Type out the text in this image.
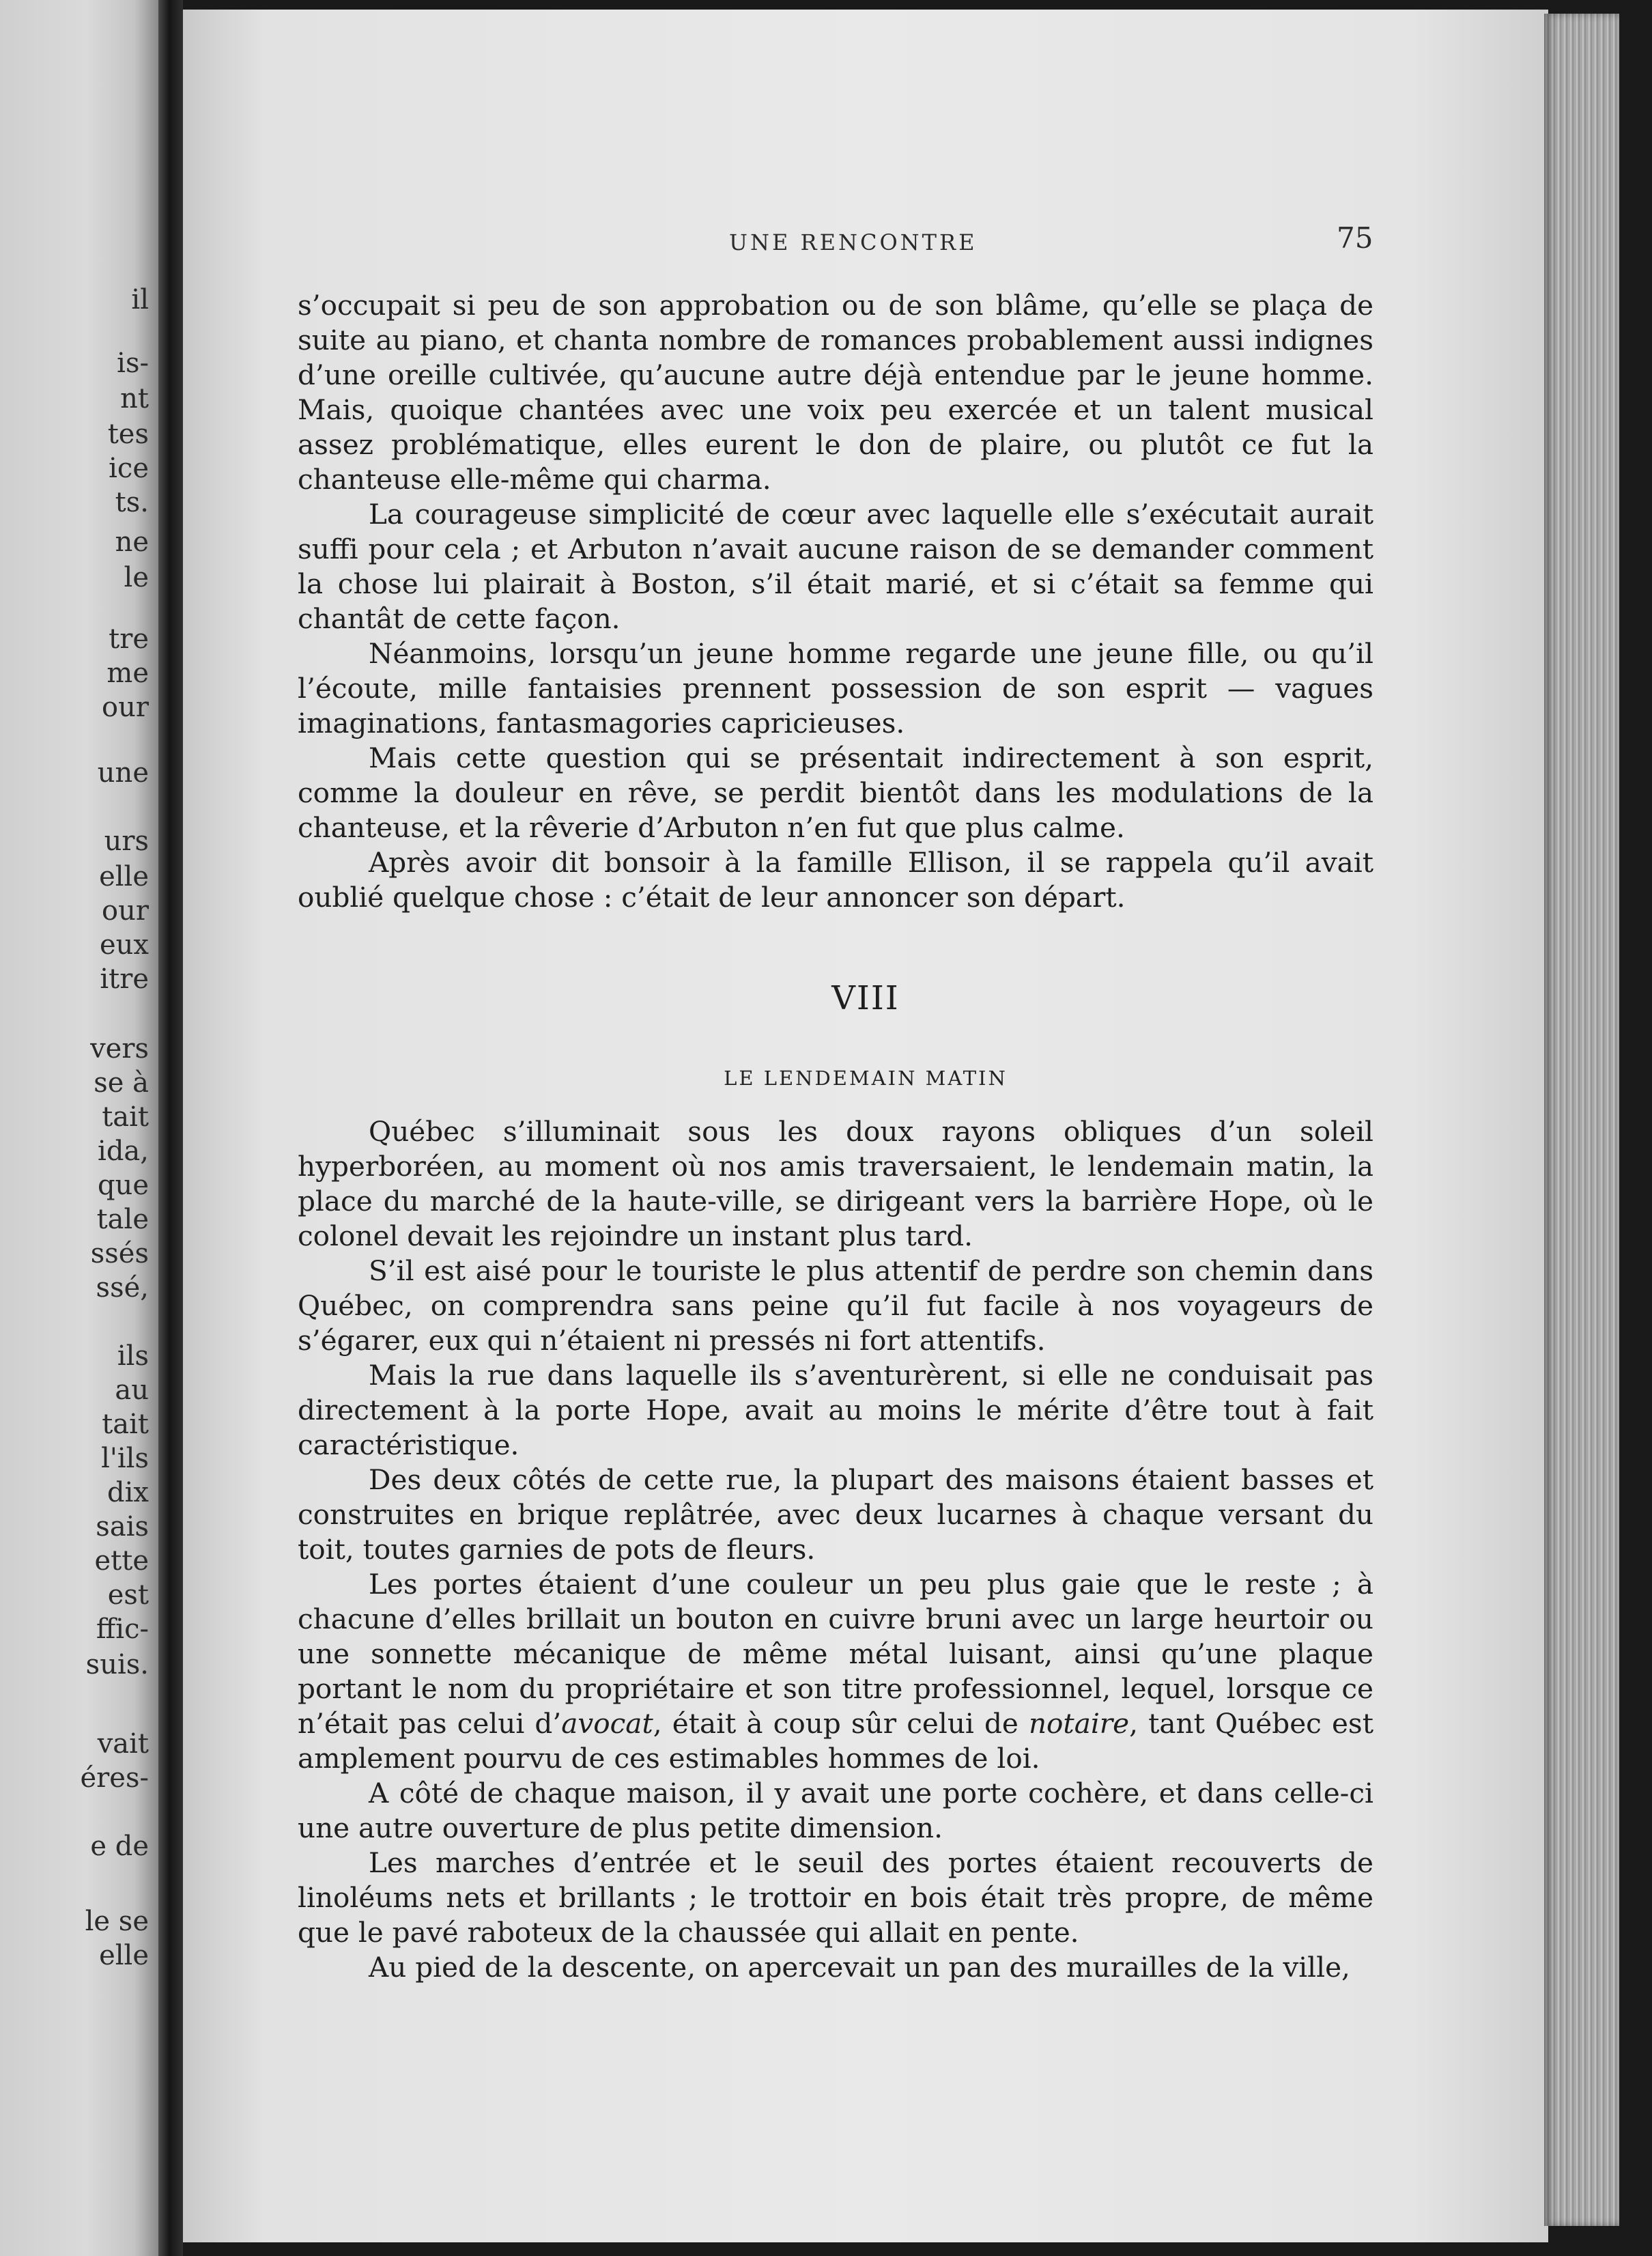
il
is-
nt
tes
ice
ts.
ne
le
tre
me
our
une
urs
elle
our
eux
itre
vers
se à
tait
ida,
que
tale
ssés
ssé,
ils
au
tait
l'ils
dix
sais
ette
est
ffic-
suis.
vait
éres-
e de
le se
elle
UNE RENCONTRE	75

s’occupait si peu de son approbation ou de son blâme, qu’elle se plaça de suite au piano, et chanta nombre de romances probablement aussi indignes d’une oreille cultivée, qu’aucune autre déjà entendue par le jeune homme. Mais, quoique chantées avec une voix peu exercée et un talent musical assez problématique, elles eurent le don de plaire, ou plutôt ce fut la chanteuse elle-même qui charma.

La courageuse simplicité de cœur avec laquelle elle s’exécutait aurait suffi pour cela ; et Arbuton n’avait aucune raison de se demander comment la chose lui plairait à Boston, s’il était marié, et si c’était sa femme qui chantât de cette façon.

Néanmoins, lorsqu’un jeune homme regarde une jeune fille, ou qu’il l’écoute, mille fantaisies prennent possession de son esprit — vagues imaginations, fantasmagories capricieuses.

Mais cette question qui se présentait indirectement à son esprit, comme la douleur en rêve, se perdit bientôt dans les modulations de la chanteuse, et la rêverie d’Arbuton n’en fut que plus calme.

Après avoir dit bonsoir à la famille Ellison, il se rappela qu’il avait oublié quelque chose : c’était de leur annoncer son départ.

VIII
LE LENDEMAIN MATIN

Québec s’illuminait sous les doux rayons obliques d’un soleil hyperboréen, au moment où nos amis traversaient, le lendemain matin, la place du marché de la haute-ville, se dirigeant vers la barrière Hope, où le colonel devait les rejoindre un instant plus tard.

S’il est aisé pour le touriste le plus attentif de perdre son chemin dans Québec, on comprendra sans peine qu’il fut facile à nos voyageurs de s’égarer, eux qui n’étaient ni pressés ni fort attentifs.

Mais la rue dans laquelle ils s’aventurèrent, si elle ne conduisait pas directement à la porte Hope, avait au moins le mérite d’être tout à fait caractéristique.

Des deux côtés de cette rue, la plupart des maisons étaient basses et construites en brique replâtrée, avec deux lucarnes à chaque versant du toit, toutes garnies de pots de fleurs.

Les portes étaient d’une couleur un peu plus gaie que le reste ; à chacune d’elles brillait un bouton en cuivre bruni avec un large heurtoir ou une sonnette mécanique de même métal luisant, ainsi qu’une plaque portant le nom du propriétaire et son titre professionnel, lequel, lorsque ce n’était pas celui d’avocat, était à coup sûr celui de notaire, tant Québec est amplement pourvu de ces estimables hommes de loi.

A côté de chaque maison, il y avait une porte cochère, et dans celle-ci une autre ouverture de plus petite dimension.

Les marches d’entrée et le seuil des portes étaient recouverts de linoléums nets et brillants ; le trottoir en bois était très propre, de même que le pavé raboteux de la chaussée qui allait en pente.

Au pied de la descente, on apercevait un pan des murailles de la ville,
